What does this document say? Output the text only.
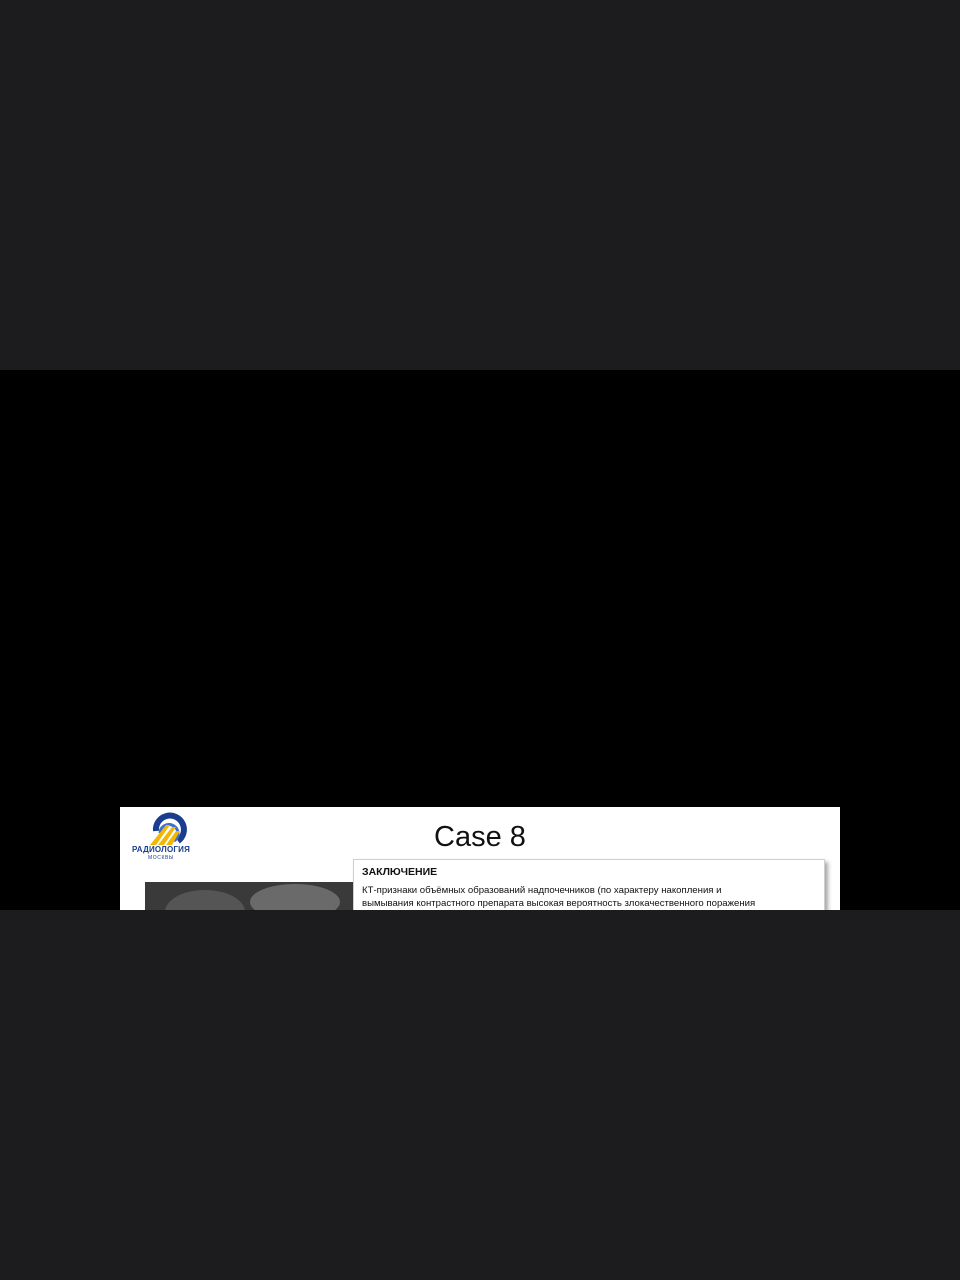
РАДИОЛОГИЯ
МОСКВЫ
Case 8
ЗАКЛЮЧЕНИЕ
КТ-признаки объёмных образований надпочечников (по характеру накопления и
вымывания контрастного препарата высокая вероятность злокачественного поражения
